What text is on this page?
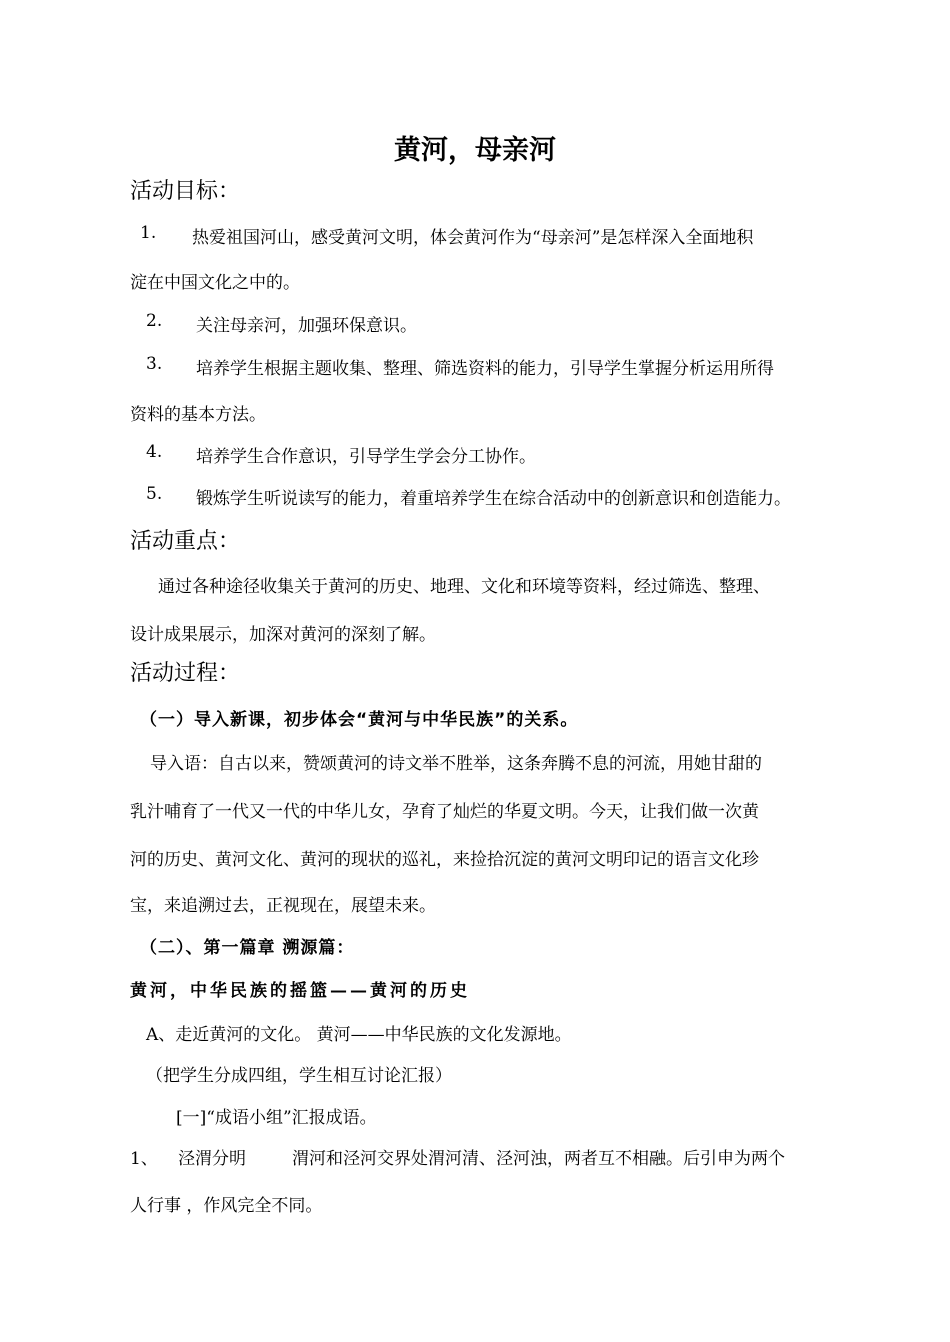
黄河，母亲河
活动目标：
1. 热爱祖国河山，感受黄河文明，体会黄河作为“母亲河”是怎样深入全面地积
淀在中国文化之中的。
2. 关注母亲河，加强环保意识。
3. 培养学生根据主题收集、整理、筛选资料的能力，引导学生掌握分析运用所得
资料的基本方法。
4. 培养学生合作意识，引导学生学会分工协作。
5. 锻炼学生听说读写的能力，着重培养学生在综合活动中的创新意识和创造能力。
活动重点：
通过各种途径收集关于黄河的历史、地理、文化和环境等资料，经过筛选、整理、
设计成果展示，加深对黄河的深刻了解。
活动过程：
（一）导入新课，初步体会“黄河与中华民族”的关系。
导入语：自古以来，赞颂黄河的诗文举不胜举，这条奔腾不息的河流，用她甘甜的
乳汁哺育了一代又一代的中华儿女，孕育了灿烂的华夏文明。今天，让我们做一次黄
河的历史、黄河文化、黄河的现状的巡礼，来捡拾沉淀的黄河文明印记的语言文化珍
宝，来追溯过去，正视现在，展望未来。
（二）、第一篇章 溯源篇：
黄河，中华民族的摇篮——黄河的历史
A、走近黄河的文化。 黄河——中华民族的文化发源地。
（把学生分成四组，学生相互讨论汇报）
[一]“成语小组”汇报成语。
1、 泾渭分明	渭河和泾河交界处渭河清、泾河浊，两者互不相融。后引申为两个
人行事 ，作风完全不同。
